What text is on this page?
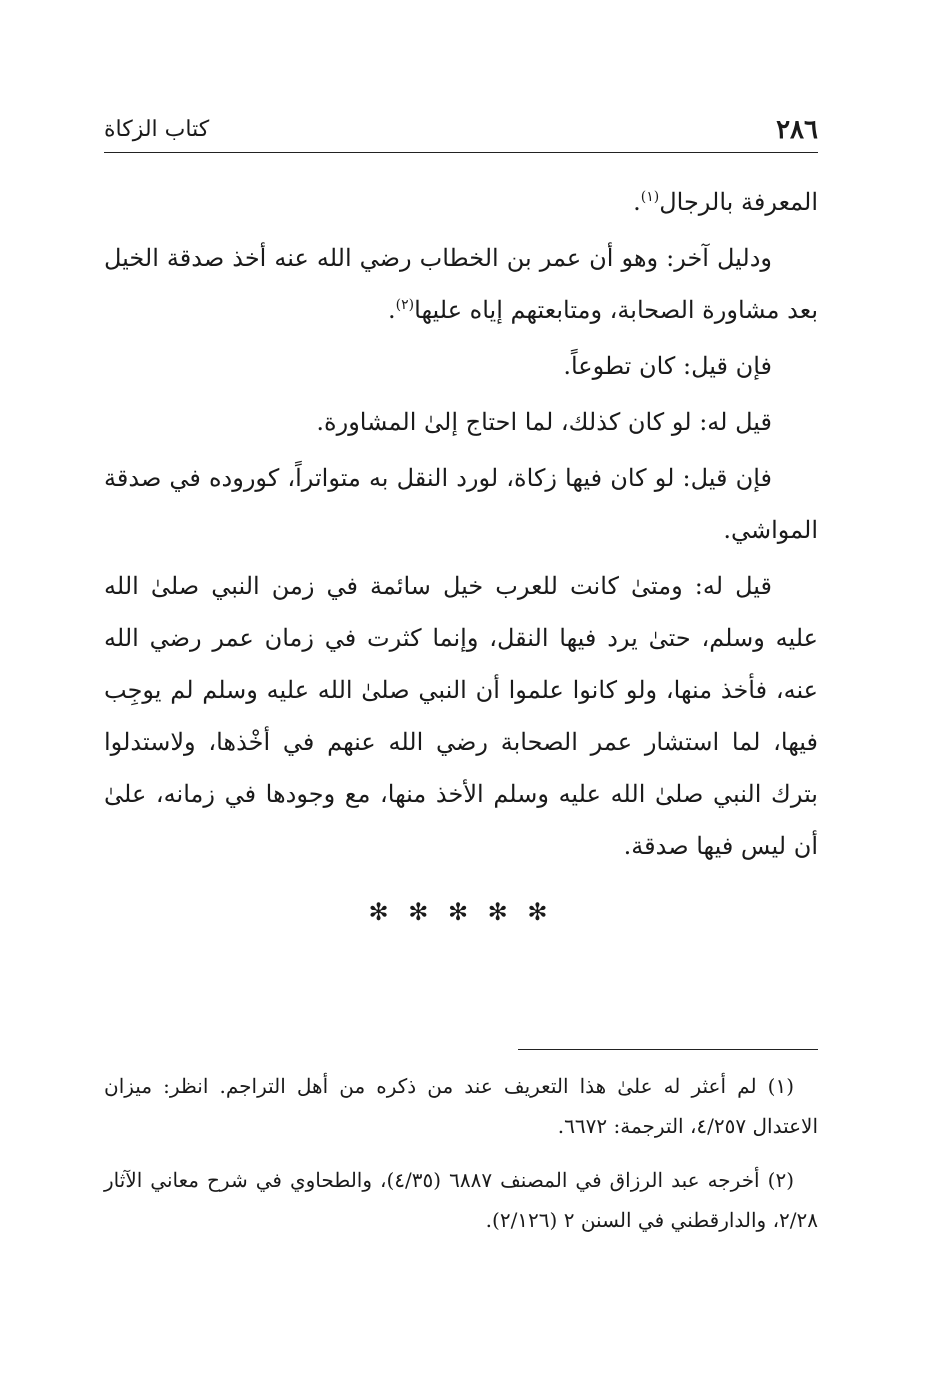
٢٨٦
كتاب الزكاة

المعرفة بالرجال$^{(١)}$.

ودليل آخر: وهو أن عمر بن الخطاب رضي الله عنه أخذ صدقة الخيل بعد مشاورة الصحابة، ومتابعتهم إياه عليها$^{(٢)}$.

فإن قيل: كان تطوعاً.

قيل له: لو كان كذلك، لما احتاج إلىٰ المشاورة.

فإن قيل: لو كان فيها زكاة، لورد النقل به متواتراً، كوروده في صدقة المواشي.

قيل له: ومتىٰ كانت للعرب خيل سائمة في زمن النبي صلىٰ الله عليه وسلم، حتىٰ يرد فيها النقل، وإنما كثرت في زمان عمر رضي الله عنه، فأخذ منها، ولو كانوا علموا أن النبي صلىٰ الله عليه وسلم لم يوجِب فيها، لما استشار عمر الصحابة رضي الله عنهم في أخْذها، ولاستدلوا بترك النبي صلىٰ الله عليه وسلم الأخذ منها، مع وجودها في زمانه، علىٰ أن ليس فيها صدقة.

✻ ✻ ✻ ✻ ✻

(١) لم أعثر له علىٰ هذا التعريف عند من ذكره من أهل التراجم. انظر: ميزان الاعتدال ٤/٢٥٧، الترجمة: ٦٦٧٢.

(٢) أخرجه عبد الرزاق في المصنف ٦٨٨٧ (٤/٣٥)، والطحاوي في شرح معاني الآثار ٢/٢٨، والدارقطني في السنن ٢ (٢/١٢٦).
